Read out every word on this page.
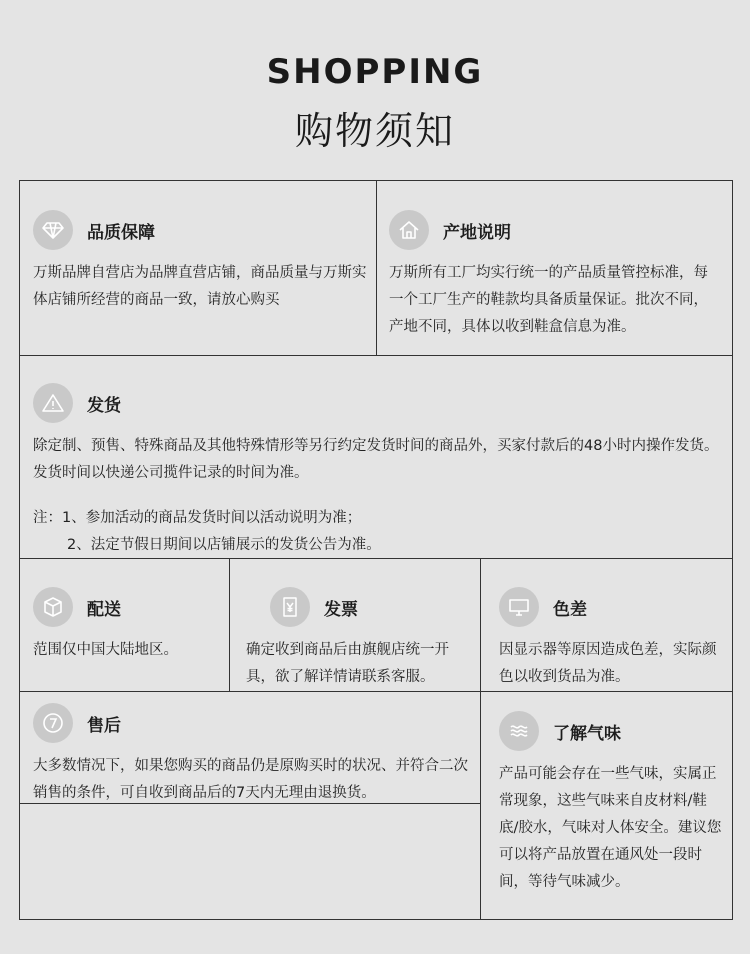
SHOPPING
购物须知
品质保障
万斯品牌自营店为品牌直营店铺，商品质量与万斯实体店铺所经营的商品一致，请放心购买
产地说明
万斯所有工厂均实行统一的产品质量管控标准，每一个工厂生产的鞋款均具备质量保证。批次不同，产地不同，具体以收到鞋盒信息为准。
发货
除定制、预售、特殊商品及其他特殊情形等另行约定发货时间的商品外，买家付款后的48小时内操作发货。发货时间以快递公司揽件记录的时间为准。
注：1、参加活动的商品发货时间以活动说明为准；
2、法定节假日期间以店铺展示的发货公告为准。
配送
范围仅中国大陆地区。
发票
确定收到商品后由旗舰店统一开具，欲了解详情请联系客服。
色差
因显示器等原因造成色差，实际颜色以收到货品为准。
售后
大多数情况下，如果您购买的商品仍是原购买时的状况、并符合二次销售的条件，可自收到商品后的7天内无理由退换货。
了解气味
产品可能会存在一些气味，实属正常现象，这些气味来自皮材料/鞋底/胶水，气味对人体安全。建议您可以将产品放置在通风处一段时间，等待气味减少。
